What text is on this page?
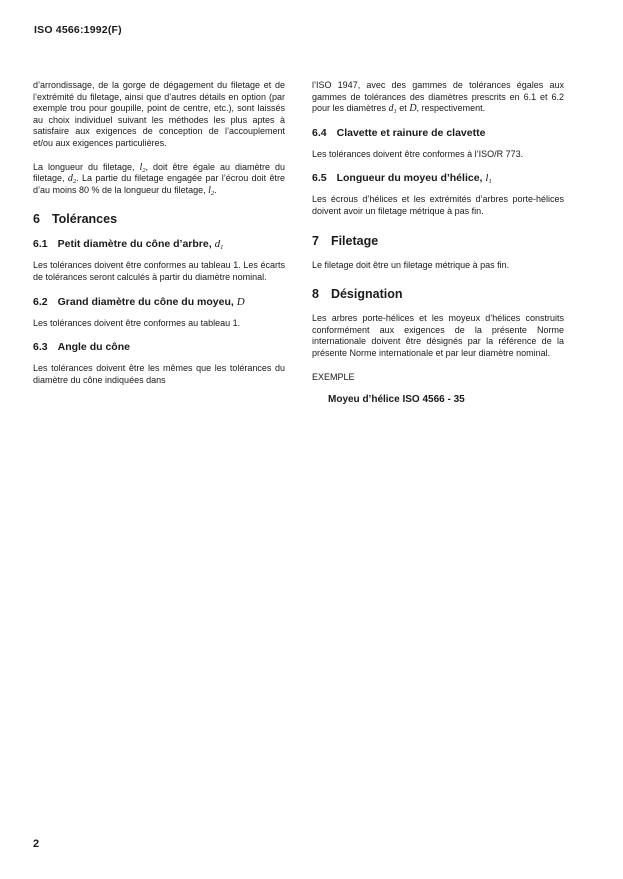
ISO 4566:1992(F)

d’arrondissage, de la gorge de dégagement du filetage et de l’extrémité du filetage, ainsi que d’autres détails en option (par exemple trou pour goupille, point de centre, etc.), sont laissés au choix individuel suivant les méthodes les plus aptes à satisfaire aux exigences de conception de l’accouplement et/ou aux exigences particulières.

La longueur du filetage, $l_2$, doit être égale au diamètre du filetage, $d_2$. La partie du filetage engagée par l’écrou doit être d’au moins 80 % de la longueur du filetage, $l_2$.

6 Tolérances
6.1 Petit diamètre du cône d’arbre, $d_1$

Les tolérances doivent être conformes au tableau 1. Les écarts de tolérances seront calculés à partir du diamètre nominal.

6.2 Grand diamètre du cône du moyeu, D

Les tolérances doivent être conformes au tableau 1.

6.3 Angle du cône

Les tolérances doivent être les mêmes que les tolérances du diamètre du cône indiquées dans

l’ISO 1947, avec des gammes de tolérances égales aux gammes de tolérances des diamètres prescrits en 6.1 et 6.2 pour les diamètres $d_1$ et D, respectivement.

6.4 Clavette et rainure de clavette

Les tolérances doivent être conformes à l’ISO/R 773.

6.5 Longueur du moyeu d’hélice, $l_1$

Les écrous d’hélices et les extrémités d’arbres porte-hélices doivent avoir un filetage métrique à pas fin.

7 Filetage

Le filetage doit être un filetage métrique à pas fin.

8 Désignation

Les arbres porte-hélices et les moyeux d’hélices construits conformément aux exigences de la présente Norme internationale doivent être désignés par la référence de la présente Norme internationale et par leur diamètre nominal.

EXEMPLE
Moyeu d’hélice ISO 4566 - 35
2
